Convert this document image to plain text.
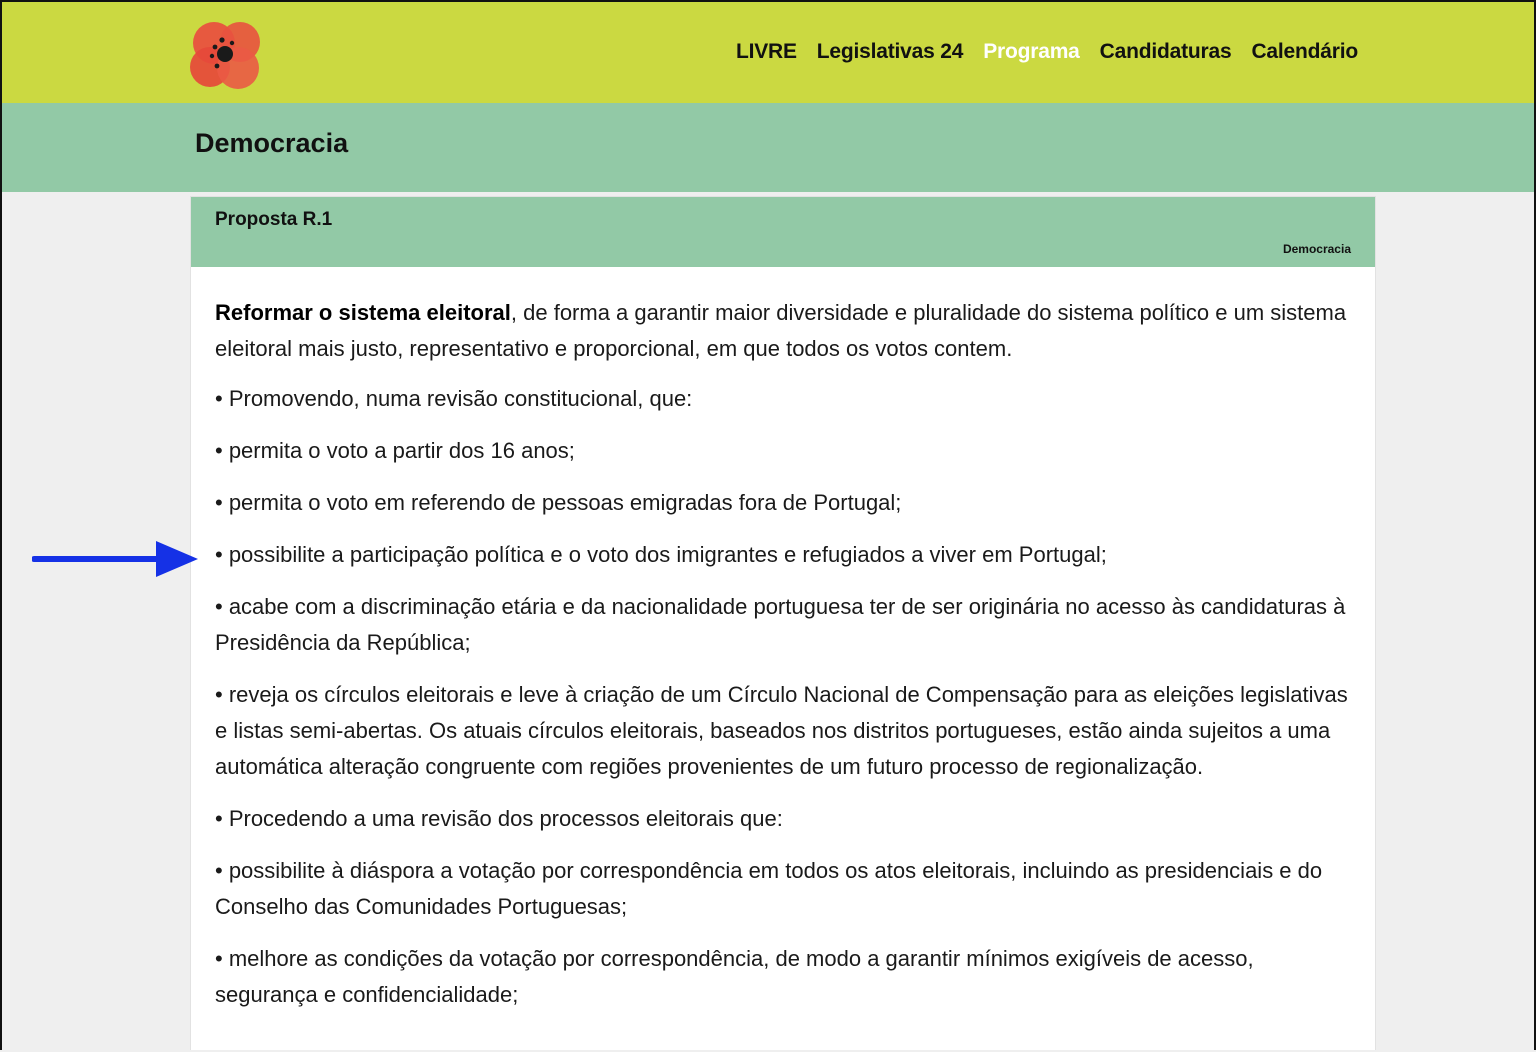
LIVRE Legislativas 24 Programa Candidaturas Calendário
Democracia
Proposta R.1
Democracia

Reformar o sistema eleitoral, de forma a garantir maior diversidade e pluralidade do sistema político e um sistema eleitoral mais justo, representativo e proporcional, em que todos os votos contem.

• Promovendo, numa revisão constitucional, que:

• permita o voto a partir dos 16 anos;

• permita o voto em referendo de pessoas emigradas fora de Portugal;

• possibilite a participação política e o voto dos imigrantes e refugiados a viver em Portugal;

• acabe com a discriminação etária e da nacionalidade portuguesa ter de ser originária no acesso às candidaturas à Presidência da República;

• reveja os círculos eleitorais e leve à criação de um Círculo Nacional de Compensação para as eleições legislativas e listas semi-abertas. Os atuais círculos eleitorais, baseados nos distritos portugueses, estão ainda sujeitos a uma automática alteração congruente com regiões provenientes de um futuro processo de regionalização.

• Procedendo a uma revisão dos processos eleitorais que:

• possibilite à diáspora a votação por correspondência em todos os atos eleitorais, incluindo as presidenciais e do Conselho das Comunidades Portuguesas;

• melhore as condições da votação por correspondência, de modo a garantir mínimos exigíveis de acesso, segurança e confidencialidade;
